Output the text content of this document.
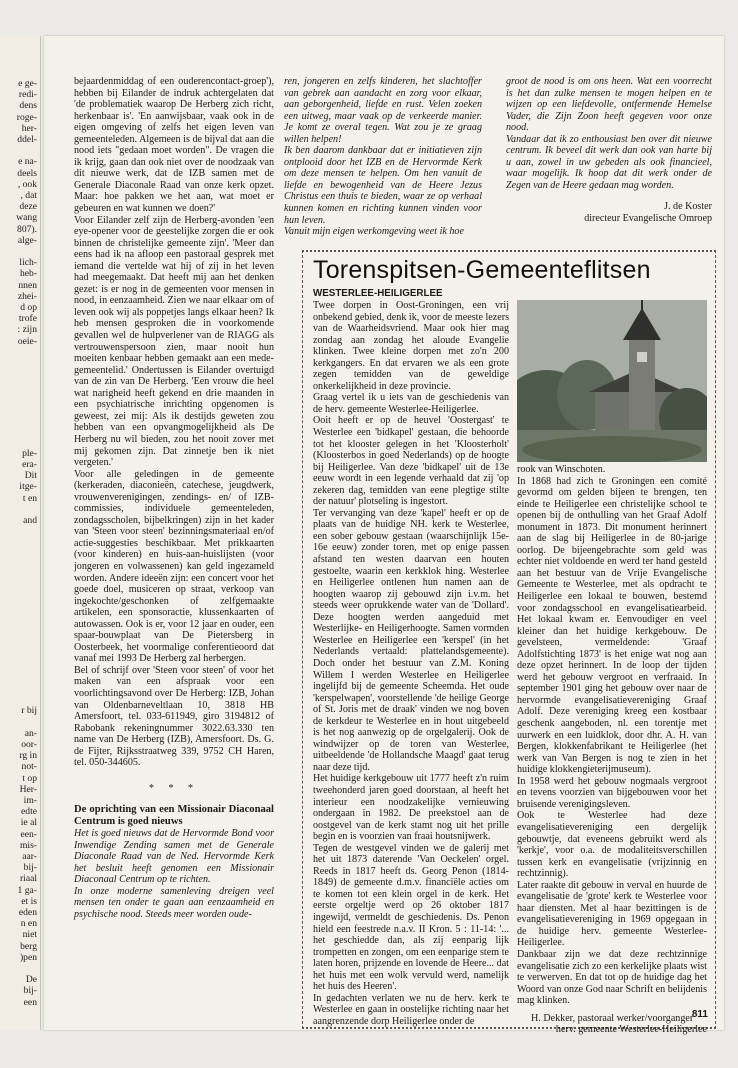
e ge-
redi-
dens
roge-
her-
ddel-

e na-
deels
, ook
, dat
deze
wang
807).
alge-

lich-
heb-
nnen
zhei-
d op
trofe
: zijn
oeie-

ple-
era-
Dit
itge-
t en

and

r bij

an-
oor-
rg in
not-
t op
Her-
im-
edte
ie al
een-
mis-
aar-
bij-
riaal
1 ga-
et is
eden
n en
niet
berg
)pen

De
bij-
een

bejaardenmiddag of een ouderencontact-groep'), hebben bij Eilander de indruk achtergelaten dat 'de problematiek waarop De Herberg zich richt, herkenbaar is'. 'En aanwijsbaar, vaak ook in de eigen omgeving of zelfs het eigen leven van gemeenteleden. Algemeen is de bijval dat aan die nood iets "gedaan moet worden". De vragen die ik krijg, gaan dan ook niet over de noodzaak van dit nieuwe werk, dat de IZB samen met de Generale Diaconale Raad van onze kerk opzet. Maar: hoe pakken we het aan, wat moet er gebeuren en wat kunnen we doen?'

Voor Eilander zelf zijn de Herberg-avonden 'een eye-opener voor de geestelijke zorgen die er ook binnen de christelijke gemeente zijn'. 'Meer dan eens had ik na afloop een pastoraal gesprek met iemand die vertelde wat hij of zij in het leven had meegemaakt. Dat heeft mij aan het denken gezet: is er nog in de gemeenten voor mensen in nood, in eenzaamheid. Zien we naar elkaar om of leven ook wij als poppetjes langs elkaar heen? Ik heb mensen gesproken die in voorkomende gevallen wel de hulpverlener van de RIAGG als vertrouwenspersoon zien, maar nooit hun moeiten kenbaar hebben gemaakt aan een mede-gemeentelid.' Ondertussen is Eilander overtuigd van de zin van De Herberg. 'Een vrouw die heel wat narigheid heeft gekend en drie maanden in een psychiatrische inrichting opgenomen is geweest, zei mij: Als ik destijds geweten zou hebben van een opvangmogelijkheid als De Herberg nu wil bieden, zou het nooit zover met mij gekomen zijn. Dat zinnetje ben ik niet vergeten.'

Voor alle geledingen in de gemeente (kerkeraden, diaconieën, catechese, jeugdwerk, vrouwenverenigingen, zendings- en/ of IZB-commissies, individuele gemeenteleden, zondagsscholen, bijbelkringen) zijn in het kader van 'Steen voor steen' bezinningsmateriaal en/of actie-suggesties beschikbaar. Met prikkaarten (voor kinderen) en huis-aan-huislijsten (voor jongeren en volwassenen) kan geld ingezameld worden. Andere ideeën zijn: een concert voor het goede doel, musiceren op straat, verkoop van ingekochte/geschonken of zelfgemaakte artikelen, een sponsoractie, klussenkaarten of autowassen. Ook is er, voor 12 jaar en ouder, een spaar-bouwplaat van De Pietersberg in Oosterbeek, het voormalige conferentieoord dat vanaf mei 1993 De Herberg zal herbergen.

Bel of schrijf over 'Steen voor steen' of voor het maken van een afspraak voor een voorlichtingsavond over De Herberg: IZB, Johan van Oldenbarneveltlaan 10, 3818 HB Amersfoort, tel. 033-611949, giro 3194812 of Rabobank rekeningnummer 3022.63.330 ten name van De Herberg (IZB), Amersfoort. Ds. G. de Fijter, Rijksstraatweg 339, 9752 CH Haren, tel. 050-344605.

* * *

De oprichting van een Missionair Diaconaal Centrum is goed nieuws

Het is goed nieuws dat de Hervormde Bond voor Inwendige Zending samen met de Generale Diaconale Raad van de Ned. Hervormde Kerk het besluit heeft genomen een Missionair Diaconaal Centrum op te richten.

In onze moderne samenleving dreigen veel mensen ten onder te gaan aan eenzaamheid en psychische nood. Steeds meer worden oude-

ren, jongeren en zelfs kinderen, het slachtoffer van gebrek aan aandacht en zorg voor elkaar, aan geborgenheid, liefde en rust. Velen zoeken een uitweg, maar vaak op de verkeerde manier. Je komt ze overal tegen. Wat zou je ze graag willen helpen!

Ik ben daarom dankbaar dat er initiatieven zijn ontplooid door het IZB en de Hervormde Kerk om deze mensen te helpen. Om hen vanuit de liefde en bewogenheid van de Heere Jezus Christus een thuis te bieden, waar ze op verhaal kunnen komen en richting kunnen vinden voor hun leven.

Vanuit mijn eigen werkomgeving weet ik hoe

groot de nood is om ons heen. Wat een voorrecht is het dan zulke mensen te mogen helpen en te wijzen op een liefdevolle, ontfermende Hemelse Vader, die Zijn Zoon heeft gegeven voor onze nood.

Vandaar dat ik zo enthousiast ben over dit nieuwe centrum. Ik beveel dit werk dan ook van harte bij u aan, zowel in uw gebeden als ook financieel, waar mogelijk. Ik hoop dat dit werk onder de Zegen van de Heere gedaan mag worden.

J. de Koster
directeur Evangelische Omroep
Torenspitsen-Gemeenteflitsen
WESTERLEE-HEILIGERLEE

Twee dorpen in Oost-Groningen, een vrij onbekend gebied, denk ik, voor de meeste lezers van de Waarheidsvriend. Maar ook hier mag zondag aan zondag het aloude Evangelie klinken. Twee kleine dorpen met zo'n 200 kerkgangers. En dat ervaren we als een grote zegen temidden van de geweldige onkerkelijkheid in deze provincie.

Graag vertel ik u iets van de geschiedenis van de herv. gemeente Westerlee-Heiligerlee.

Ooit heeft er op de heuvel 'Oostergast' te Westerlee een 'bidkapel' gestaan, die behoorde tot het klooster gelegen in het 'Kloosterholt' (Kloosterbos in goed Nederlands) op de hoogte bij Heiligerlee. Van deze 'bidkapel' uit de 13e eeuw wordt in een legende verhaald dat zij 'op zekeren dag, temidden van eene plegtige stilte der natuur' plotseling is ingestort.

Ter vervanging van deze 'kapel' heeft er op de plaats van de huidige NH. kerk te Westerlee, een sober gebouw gestaan (waarschijnlijk 15e-16e eeuw) zonder toren, met op enige passen afstand ten westen daarvan een houten gestoelte, waarin een kerkklok hing. Westerlee en Heiligerlee ontlenen hun namen aan de hoogten waarop zij gebouwd zijn i.v.m. het steeds weer oprukkende water van de 'Dollard'. Deze hoogten werden aangeduid met Westerlijke- en Heiligerhoogte. Samen vormden Westerlee en Heiligerlee een 'kerspel' (in het Nederlands vertaald: plattelandsgemeente). Doch onder het bestuur van Z.M. Koning Willem I werden Westerlee en Heiligerlee ingelijfd bij de gemeente Scheemda. Het oude 'kerspelwapen', voorstellende 'de heilige George of St. Joris met de draak' vinden we nog boven de kerkdeur te Westerlee en in hout uitgebeeld is het nog aanwezig op de orgelgalerij. Ook de windwijzer op de toren van Westerlee, uitbeeldende 'de Hollandsche Maagd' gaat terug naar deze tijd.

Het huidige kerkgebouw uit 1777 heeft z'n ruim tweehonderd jaren goed doorstaan, al heeft het interieur een noodzakelijke vernieuwing ondergaan in 1982. De preekstoel aan de oostgevel van de kerk stamt nog uit het prille begin en is voorzien van fraai houtsnijwerk.

Tegen de westgevel vinden we de galerij met het uit 1873 daterende 'Van Oeckelen' orgel. Reeds in 1817 heeft ds. Georg Penon (1814-1849) de gemeente d.m.v. financiële acties om te komen tot een klein orgel in de kerk. Het eerste orgeltje werd op 26 oktober 1817 ingewijd, vermeldt de geschiedenis. Ds. Penon hield een feestrede n.a.v. II Kron. 5 : 11-14: '... het geschiedde dan, als zij eenparig lijk trompetten en zongen, om een eenparige stem te laten horen, prijzende en lovende de Heere... dat het huis met een wolk vervuld werd, namelijk het huis des Heeren'.

In gedachten verlaten we nu de herv. kerk te Westerlee en gaan in oostelijke richting naar het aangrenzende dorp Heiligerlee onder de

rook van Winschoten.

In 1868 had zich te Groningen een comité gevormd om gelden bijeen te brengen, ten einde te Heiligerlee een christelijke school te openen bij de onthulling van het Graaf Adolf monument in 1873. Dit monument herinnert aan de slag bij Heiligerlee in de 80-jarige oorlog. De bijeengebrachte som geld was echter niet voldoende en werd ter hand gesteld aan het bestuur van de Vrije Evangelische Gemeente te Westerlee, met als opdracht te Heiligerlee een lokaal te bouwen, bestemd voor zondagsschool en evangelisatiearbeid. Het lokaal kwam er. Eenvoudiger en veel kleiner dan het huidige kerkgebouw. De gevelsteen, vermeldende: 'Graaf Adolfstichting 1873' is het enige wat nog aan deze opzet herinnert. In de loop der tijden werd het gebouw vergroot en verfraaid. In september 1901 ging het gebouw over naar de hervormde evangelisatievereniging Graaf Adolf. Deze vereniging kreeg een kostbaar geschenk aangeboden, nl. een torentje met uurwerk en een luidklok, door dhr. A. H. van Bergen, klokkenfabrikant te Heiligerlee (het werk van Van Bergen is nog te zien in het huidige klokkengieterijmuseum).

In 1958 werd het gebouw nogmaals vergroot en tevens voorzien van bijgebouwen voor het bruisende verenigingsleven.

Ook te Westerlee had deze evangelisatievereniging een dergelijk gebouwtje, dat eveneens gebruikt werd als 'kerkje', voor o.a. de modaliteitsverschillen tussen kerk en evangelisatie (vrijzinnig en rechtzinnig).

Later raakte dit gebouw in verval en huurde de evangelisatie de 'grote' kerk te Westerlee voor haar diensten. Met al haar bezittingen is de evangelisatievereniging in 1969 opgegaan in de huidige herv. gemeente Westerlee-Heiligerlee.

Dankbaar zijn we dat deze rechtzinnige evangelisatie zich zo een kerkelijke plaats wist te verwerven. En dat tot op de huidige dag het Woord van onze God naar Schrift en belijdenis mag klinken.

H. Dekker, pastoraal werker/voorganger
herv. gemeente Westerlee-Heiligerlee
811
